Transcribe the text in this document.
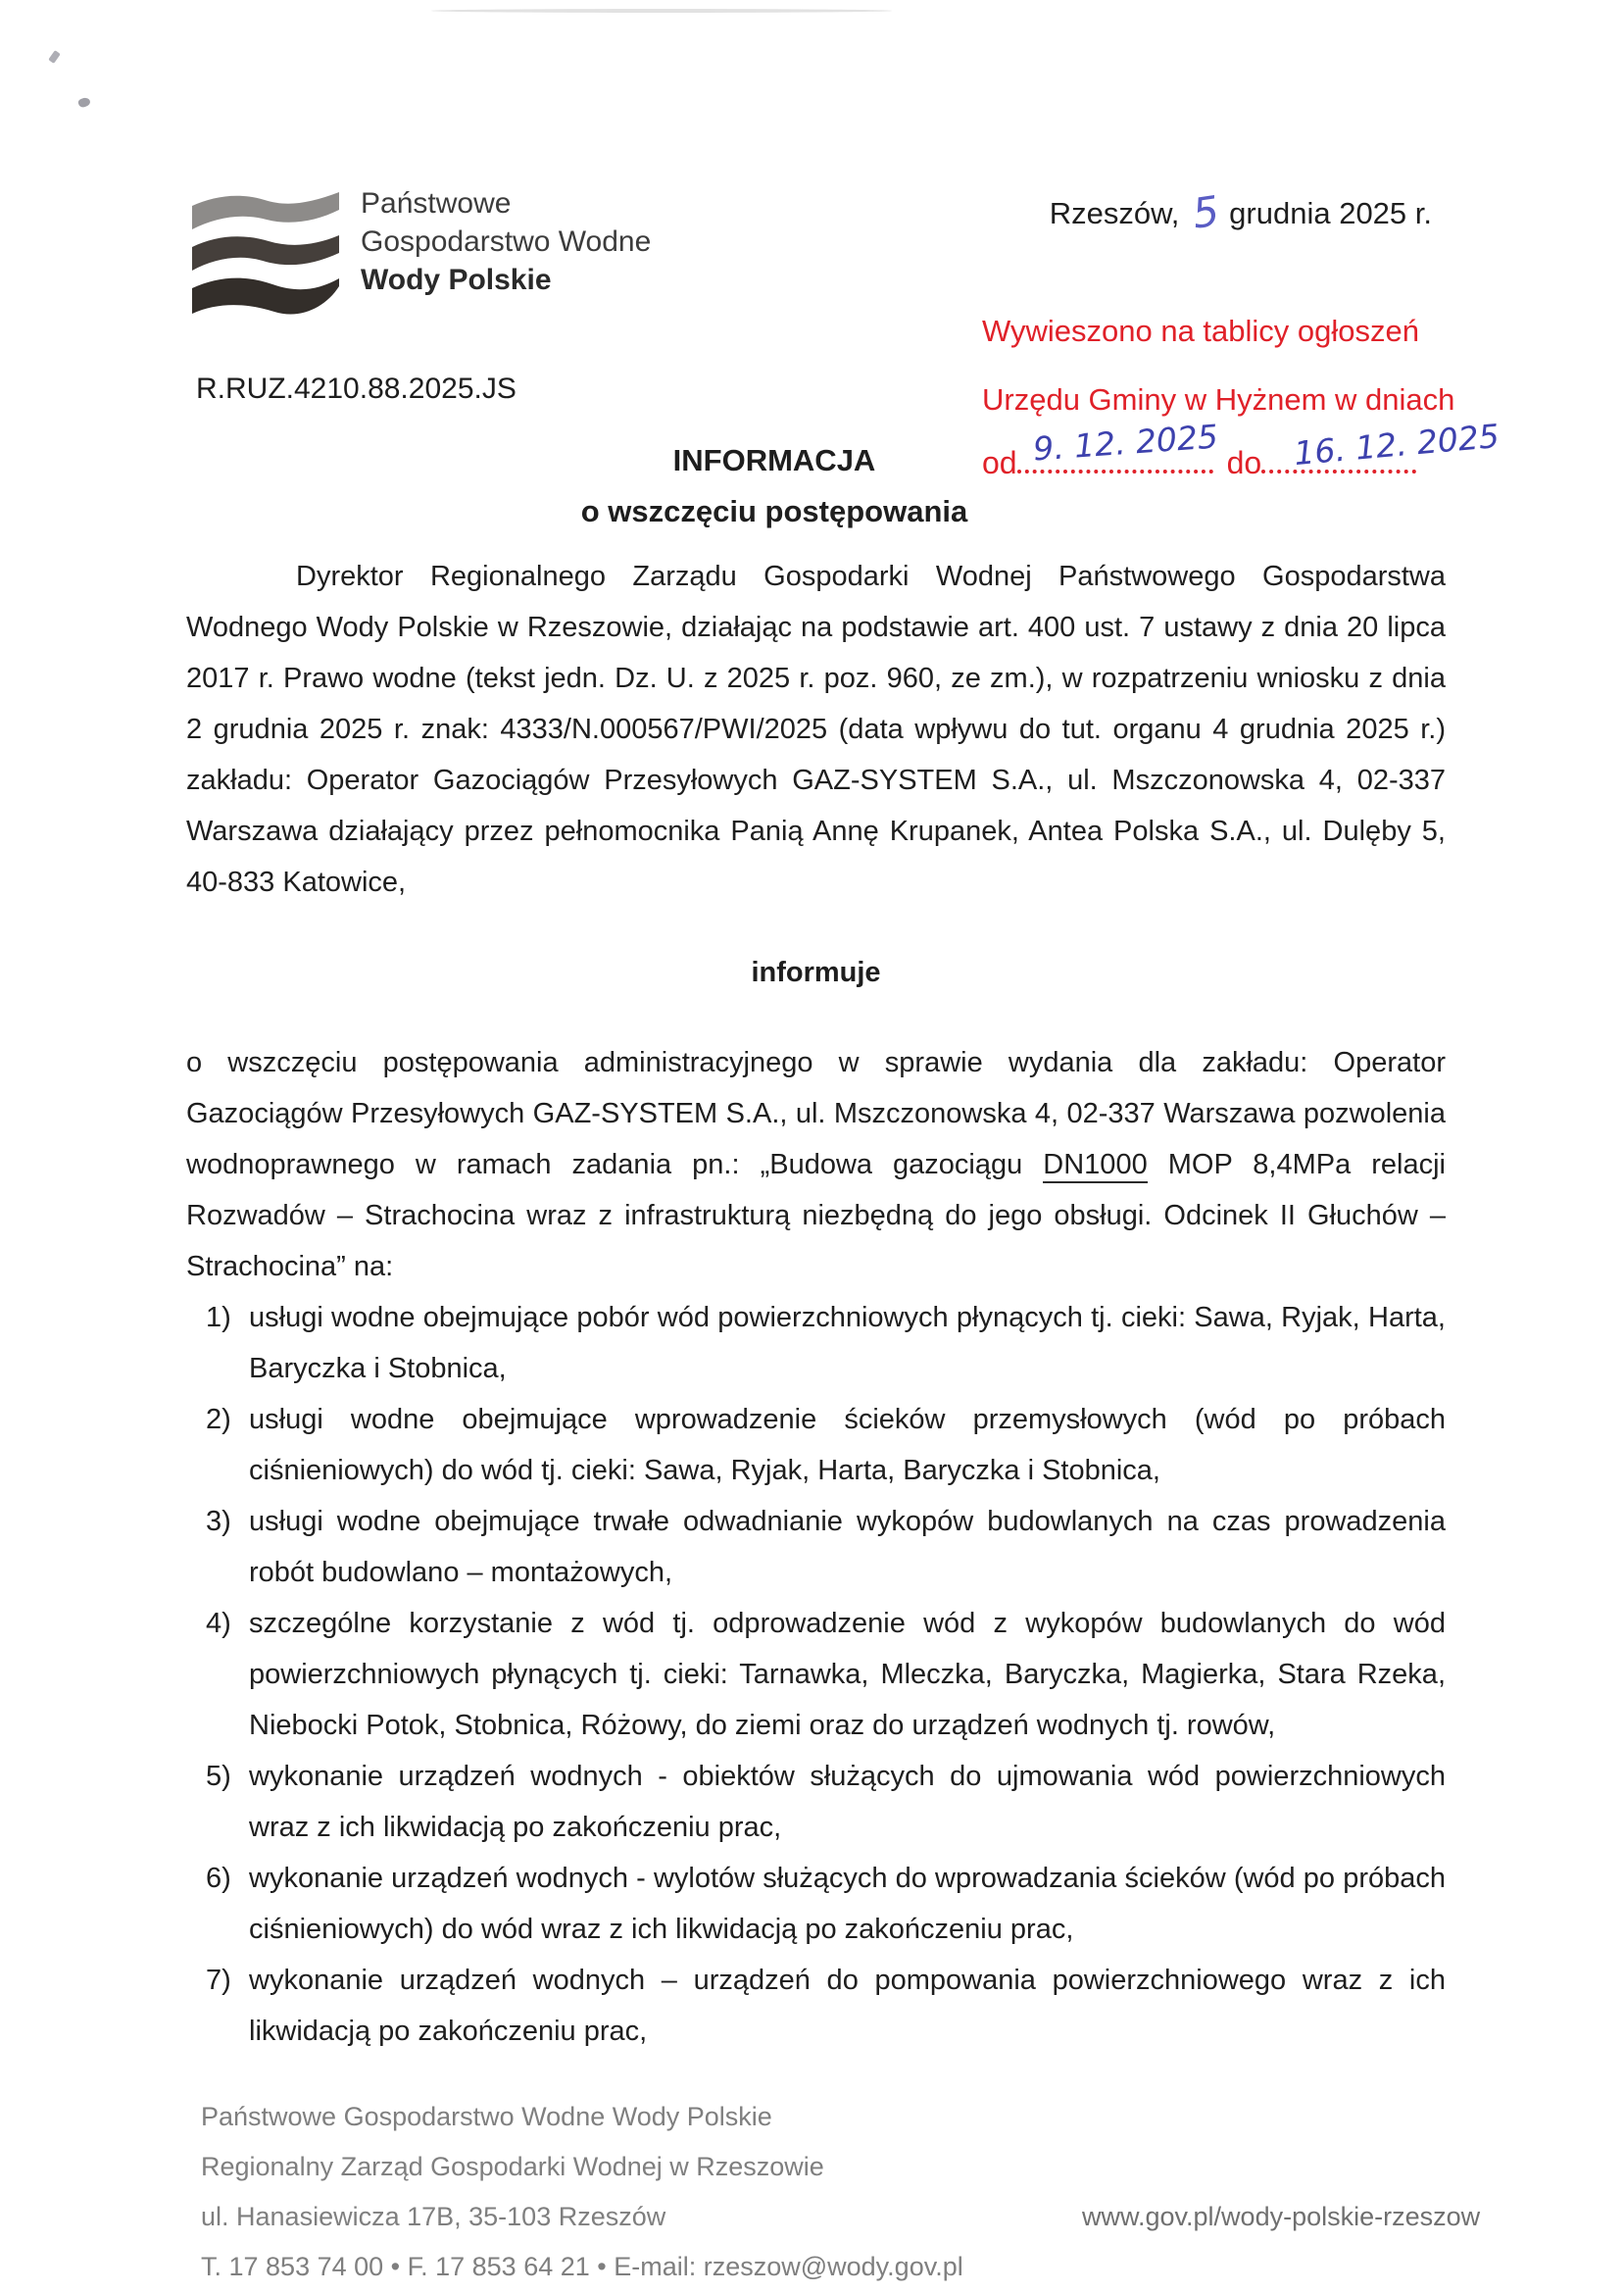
Państwowe
Gospodarstwo Wodne
Wody Polskie
Rzeszów, 5 grudnia 2025 r.
R.RUZ.4210.88.2025.JS
Wywieszono na tablicy ogłoszeń
Urzędu Gminy w Hyżnem w dniach
od	do
9. 12. 2025 16. 12. 2025
INFORMACJA
o wszczęciu postępowania

Dyrektor Regionalnego Zarządu Gospodarki Wodnej Państwowego Gospodarstwa Wodnego Wody Polskie w Rzeszowie, działając na podstawie art. 400 ust. 7 ustawy z dnia 20 lipca 2017 r. Prawo wodne (tekst jedn. Dz. U. z 2025 r. poz. 960, ze zm.), w rozpatrzeniu wniosku z dnia 2 grudnia 2025 r. znak: 4333/N.000567/PWI/2025 (data wpływu do tut. organu 4 grudnia 2025 r.) zakładu: Operator Gazociągów Przesyłowych GAZ-SYSTEM S.A., ul. Mszczonowska 4, 02-337 Warszawa działający przez pełnomocnika Panią Annę Krupanek, Antea Polska S.A., ul. Dulęby 5, 40-833 Katowice,

informuje

o wszczęciu postępowania administracyjnego w sprawie wydania dla zakładu: Operator Gazociągów Przesyłowych GAZ-SYSTEM S.A., ul. Mszczonowska 4, 02-337 Warszawa pozwolenia wodnoprawnego w ramach zadania pn.: „Budowa gazociągu DN1000 MOP 8,4MPa relacji Rozwadów – Strachocina wraz z infrastrukturą niezbędną do jego obsługi. Odcinek II Głuchów – Strachocina” na:

1) usługi wodne obejmujące pobór wód powierzchniowych płynących tj. cieki: Sawa, Ryjak, Harta, Baryczka i Stobnica,
2) usługi wodne obejmujące wprowadzenie ścieków przemysłowych (wód po próbach ciśnieniowych) do wód tj. cieki: Sawa, Ryjak, Harta, Baryczka i Stobnica,
3) usługi wodne obejmujące trwałe odwadnianie wykopów budowlanych na czas prowadzenia robót budowlano – montażowych,
4) szczególne korzystanie z wód tj. odprowadzenie wód z wykopów budowlanych do wód powierzchniowych płynących tj. cieki: Tarnawka, Mleczka, Baryczka, Magierka, Stara Rzeka, Niebocki Potok, Stobnica, Różowy, do ziemi oraz do urządzeń wodnych tj. rowów,
5) wykonanie urządzeń wodnych - obiektów służących do ujmowania wód powierzchniowych wraz z ich likwidacją po zakończeniu prac,
6) wykonanie urządzeń wodnych - wylotów służących do wprowadzania ścieków (wód po próbach ciśnieniowych) do wód wraz z ich likwidacją po zakończeniu prac,
7) wykonanie urządzeń wodnych – urządzeń do pompowania powierzchniowego wraz z ich likwidacją po zakończeniu prac,
Państwowe Gospodarstwo Wodne Wody Polskie
Regionalny Zarząd Gospodarki Wodnej w Rzeszowie
ul. Hanasiewicza 17B, 35-103 Rzeszów
T. 17 853 74 00 • F. 17 853 64 21 • E-mail: rzeszow@wody.gov.pl
www.gov.pl/wody-polskie-rzeszow
